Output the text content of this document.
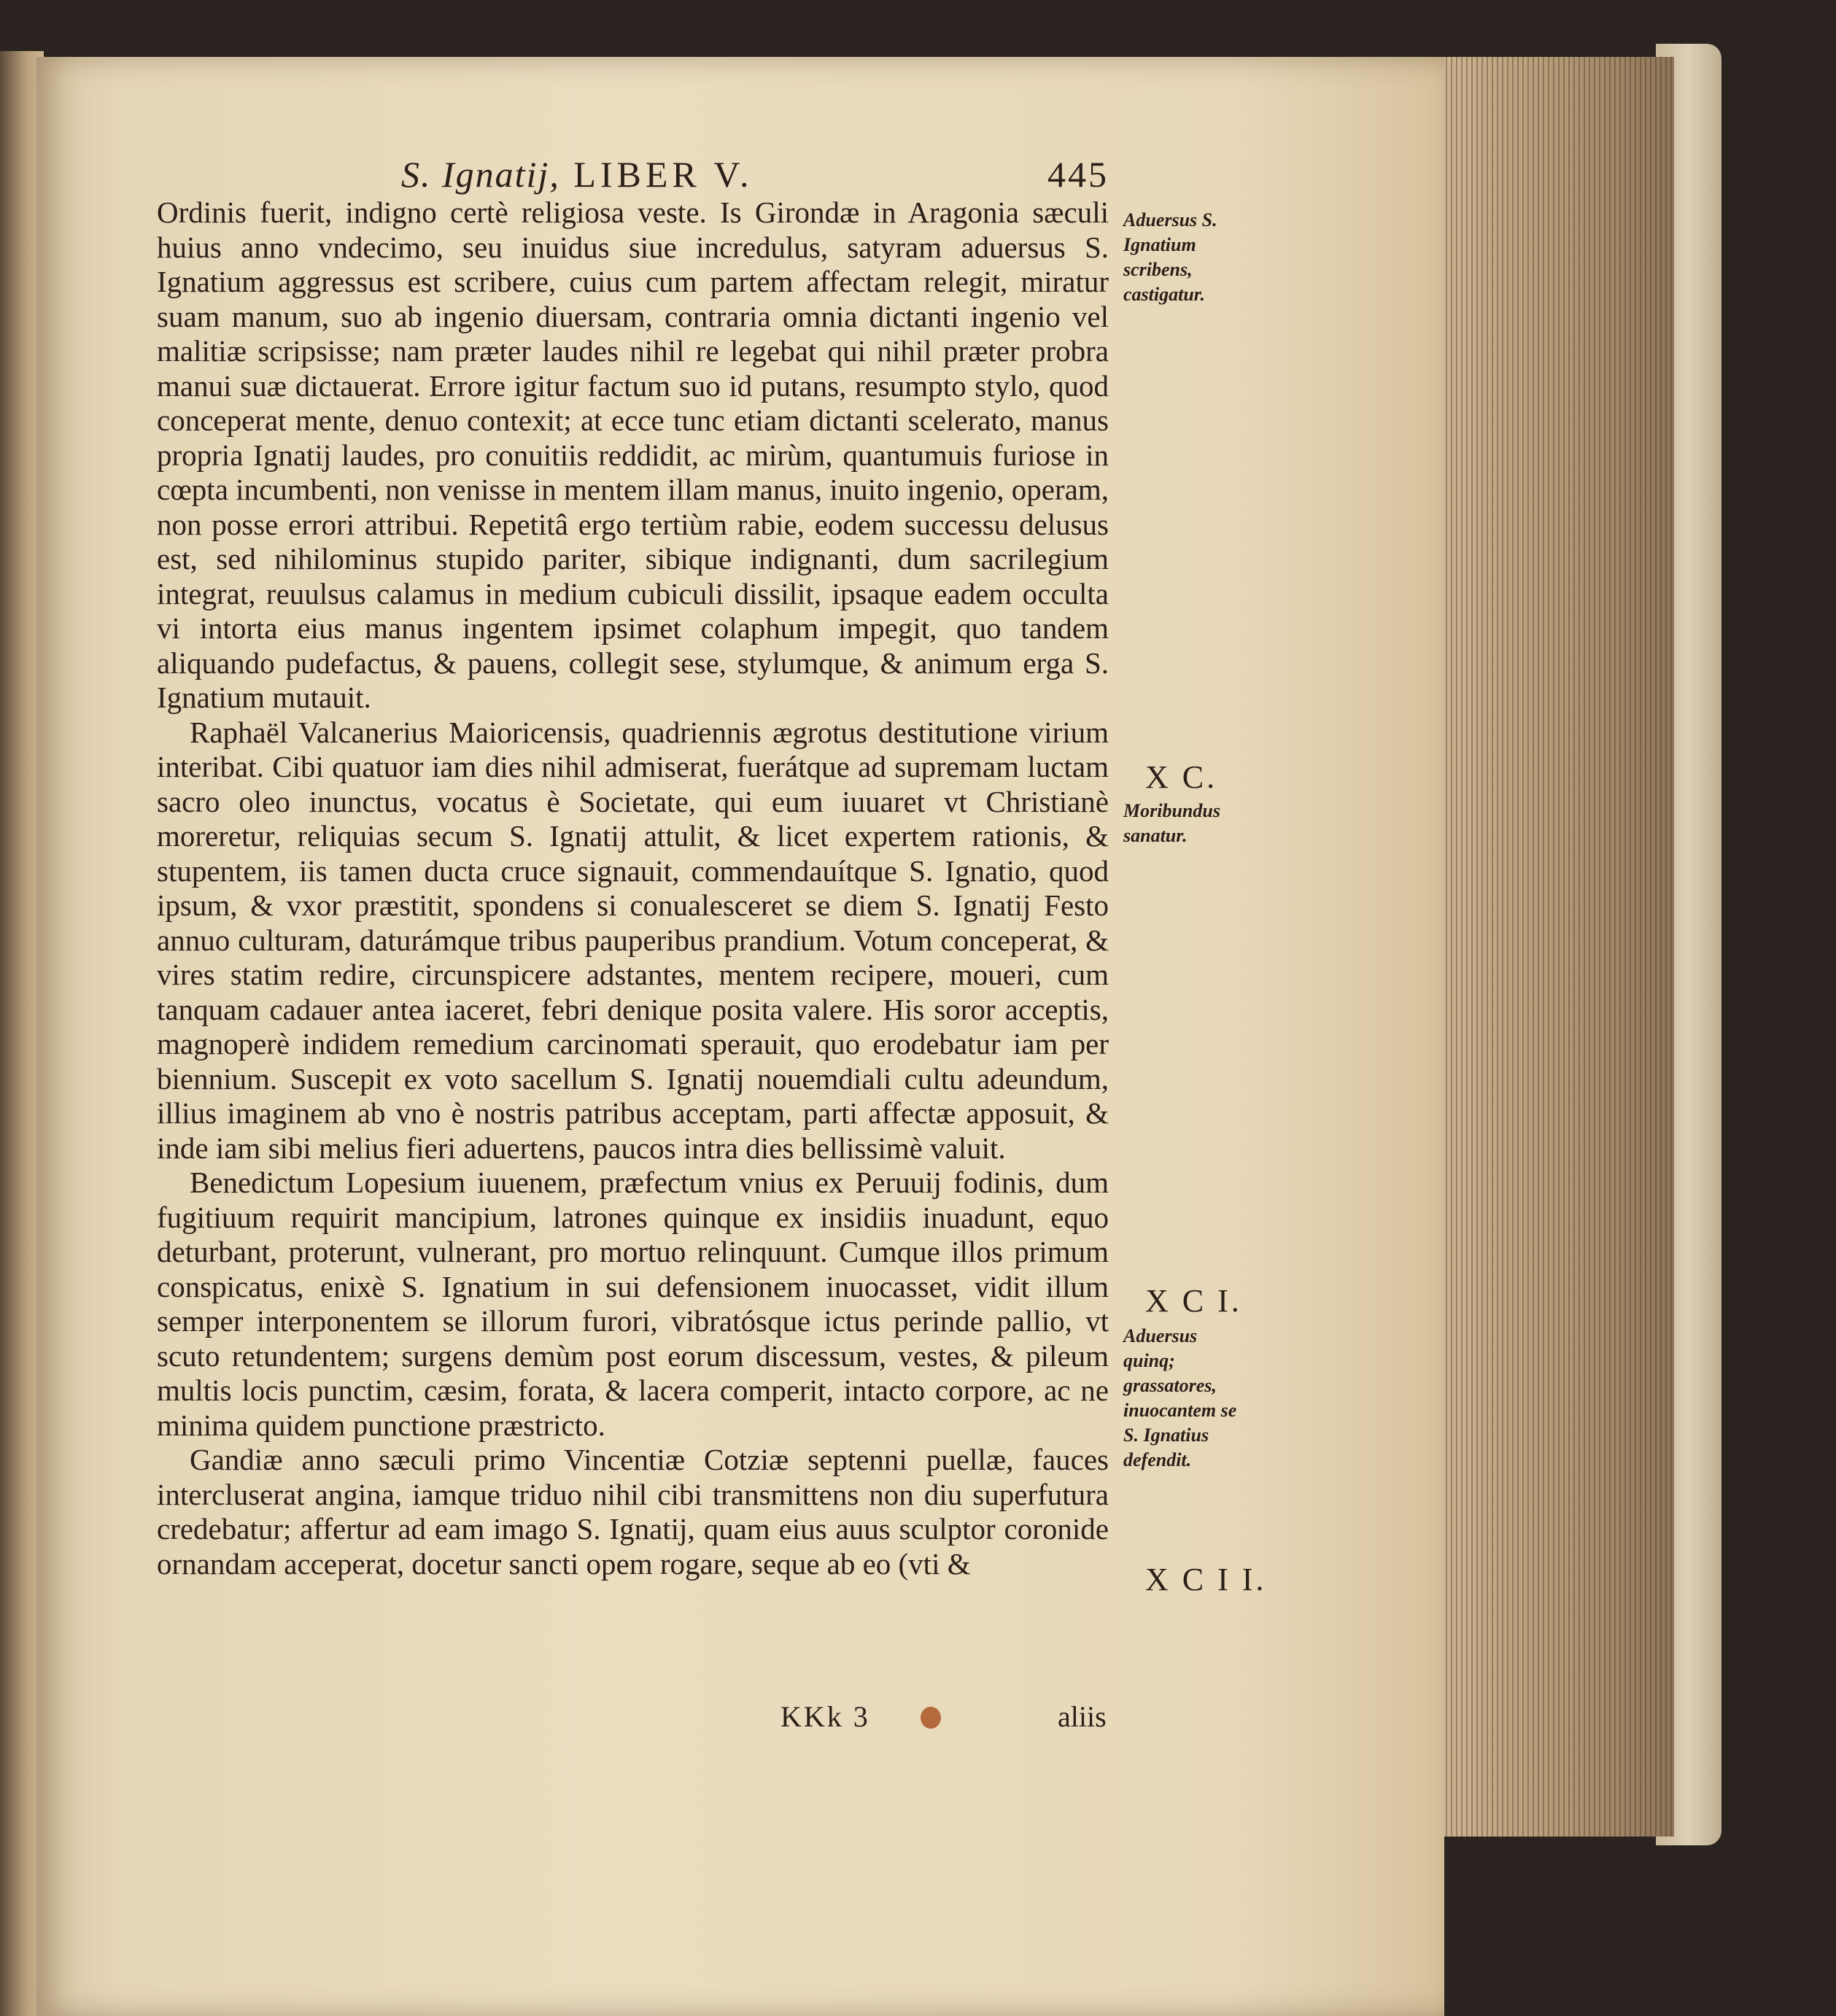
S. Ignatij, LIBER V.	445

Ordinis fuerit, indigno certè religiosa veste. Is Girondæ in Aragonia sæculi huius anno vndecimo, seu inuidus siue incredulus, satyram aduersus S. Ignatium aggressus est scribere, cuius cum partem affectam relegit, miratur suam manum, suo ab ingenio diuersam, contraria omnia dictanti ingenio vel malitiæ scripsisse; nam præter laudes nihil re legebat qui nihil præter probra manui suæ dictauerat. Errore igitur factum suo id putans, resumpto stylo, quod conceperat mente, denuo contexit; at ecce tunc etiam dictanti scelerato, manus propria Ignatij laudes, pro conuitiis reddidit, ac mirùm, quantumuis furiose in cœpta incumbenti, non venisse in mentem illam manus, inuito ingenio, operam, non posse errori attribui. Repetitâ ergo tertiùm rabie, eodem successu delusus est, sed nihilominus stupido pariter, sibique indignanti, dum sacrilegium integrat, reuulsus calamus in medium cubiculi dissilit, ipsaque eadem occulta vi intorta eius manus ingentem ipsimet colaphum impegit, quo tandem aliquando pudefactus, & pauens, collegit sese, stylumque, & animum erga S. Ignatium mutauit.

Raphaël Valcanerius Maioricensis, quadriennis ægrotus destitutione virium interibat. Cibi quatuor iam dies nihil admiserat, fuerátque ad supremam luctam sacro oleo inunctus, vocatus è Societate, qui eum iuuaret vt Christianè moreretur, reliquias secum S. Ignatij attulit, & licet expertem rationis, & stupentem, iis tamen ducta cruce signauit, commendauítque S. Ignatio, quod ipsum, & vxor præstitit, spondens si conualesceret se diem S. Ignatij Festo annuo culturam, daturámque tribus pauperibus prandium. Votum conceperat, & vires statim redire, circunspicere adstantes, mentem recipere, moueri, cum tanquam cadauer antea iaceret, febri denique posita valere. His soror acceptis, magnoperè indidem remedium carcinomati sperauit, quo erodebatur iam per biennium. Suscepit ex voto sacellum S. Ignatij nouemdiali cultu adeundum, illius imaginem ab vno è nostris patribus acceptam, parti affectæ apposuit, & inde iam sibi melius fieri aduertens, paucos intra dies bellissimè valuit.

Benedictum Lopesium iuuenem, præfectum vnius ex Peruuij fodinis, dum fugitiuum requirit mancipium, latrones quinque ex insidiis inuadunt, equo deturbant, proterunt, vulnerant, pro mortuo relinquunt. Cumque illos primum conspicatus, enixè S. Ignatium in sui defensionem inuocasset, vidit illum semper interponentem se illorum furori, vibratósque ictus perinde pallio, vt scuto retundentem; surgens demùm post eorum discessum, vestes, & pileum multis locis punctim, cæsim, forata, & lacera comperit, intacto corpore, ac ne minima quidem punctione præstricto.

Gandiæ anno sæculi primo Vincentiæ Cotziæ septenni puellæ, fauces intercluserat angina, iamque triduo nihil cibi transmittens non diu superfutura credebatur; affertur ad eam imago S. Ignatij, quam eius auus sculptor coronide ornandam acceperat, docetur sancti opem rogare, seque ab eo (vti &

Aduersus S. Ignatium scribens, castigatur.
X C.
Moribundus sanatur.
X C I.
Aduersus quinq; grassatores, inuocantem se S. Ignatius defendit.
X C I I.
KKk 3	aliis
